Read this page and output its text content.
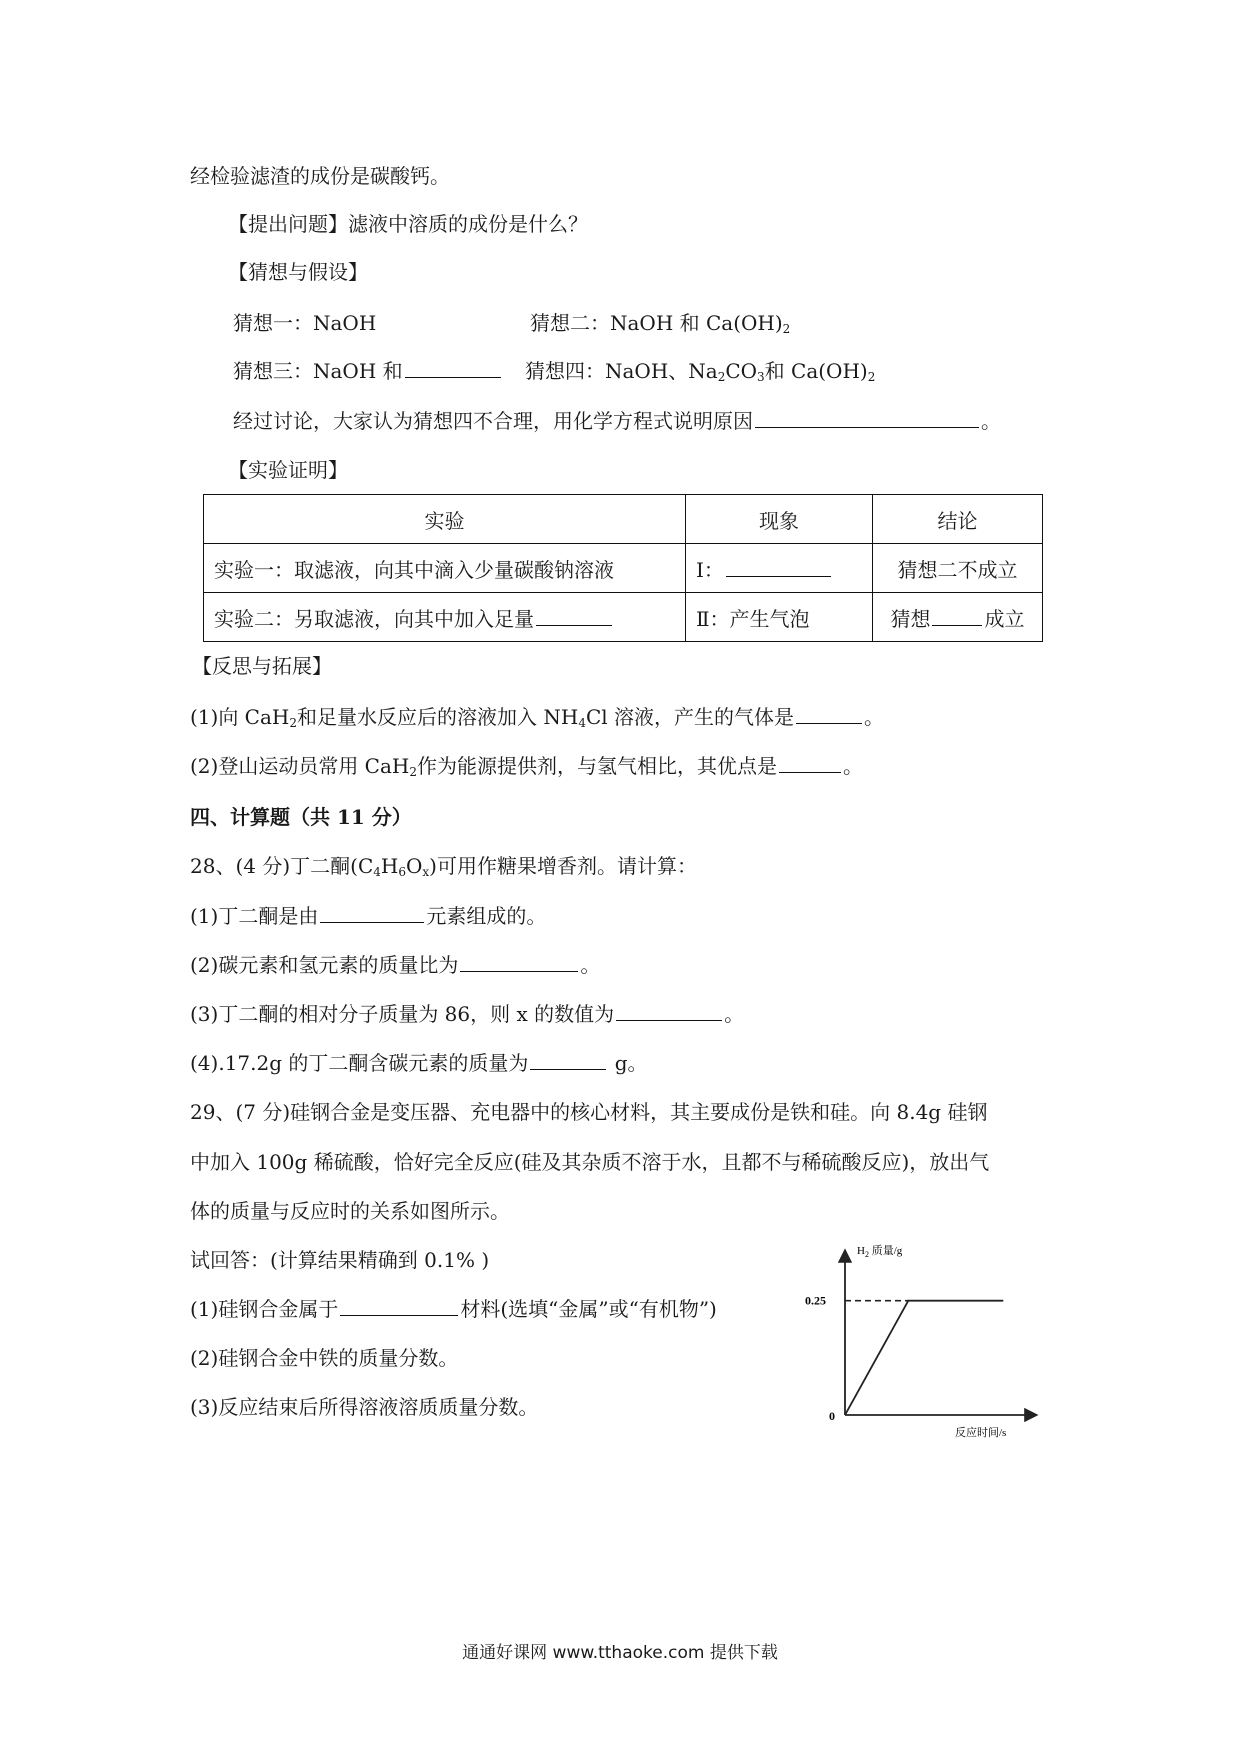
经检验滤渣的成份是碳酸钙。
【提出问题】滤液中溶质的成份是什么？
【猜想与假设】
猜想一：NaOH	猜想二：NaOH 和 $Ca(OH)_2$
猜想三：NaOH 和	猜想四：NaOH、$Na_2CO_3$和 $Ca(OH)_2$
经过讨论，大家认为猜想四不合理，用化学方程式说明原因	。
【实验证明】
实验	现象	结论
实验一：取滤液，向其中滴入少量碳酸钠溶液	Ⅰ：	猜想二不成立
实验二：另取滤液，向其中加入足量	Ⅱ：产生气泡	猜想 成立
【反思与拓展】
(1)向 CaH$_2$和足量水反应后的溶液加入 $NH_4Cl$ 溶液，产生的气体是	。
(2)登山运动员常用 CaH$_2$作为能源提供剂，与氢气相比，其优点是	。
四、计算题（共 11 分）
28、(4 分)丁二酮$(C_4H_6O_x)$可用作糖果增香剂。请计算：
(1)丁二酮是由	元素组成的。
(2)碳元素和氢元素的质量比为	。
(3)丁二酮的相对分子质量为 86，则 x 的数值为	。
(4).17.2g 的丁二酮含碳元素的质量为	g。
29、(7 分)硅钢合金是变压器、充电器中的核心材料，其主要成份是铁和硅。向 8.4g 硅钢
中加入 100g 稀硫酸，恰好完全反应(硅及其杂质不溶于水，且都不与稀硫酸反应)，放出气
体的质量与反应时的关系如图所示。
试回答：(计算结果精确到 0.1% )
(1)硅钢合金属于	材料(选填“金属”或“有机物”)
(2)硅钢合金中铁的质量分数。
(3)反应结束后所得溶液溶质质量分数。
$H_2$ 质量/g
反应时间/s
0
0.25
通通好课网 www.tthaoke.com 提供下载
